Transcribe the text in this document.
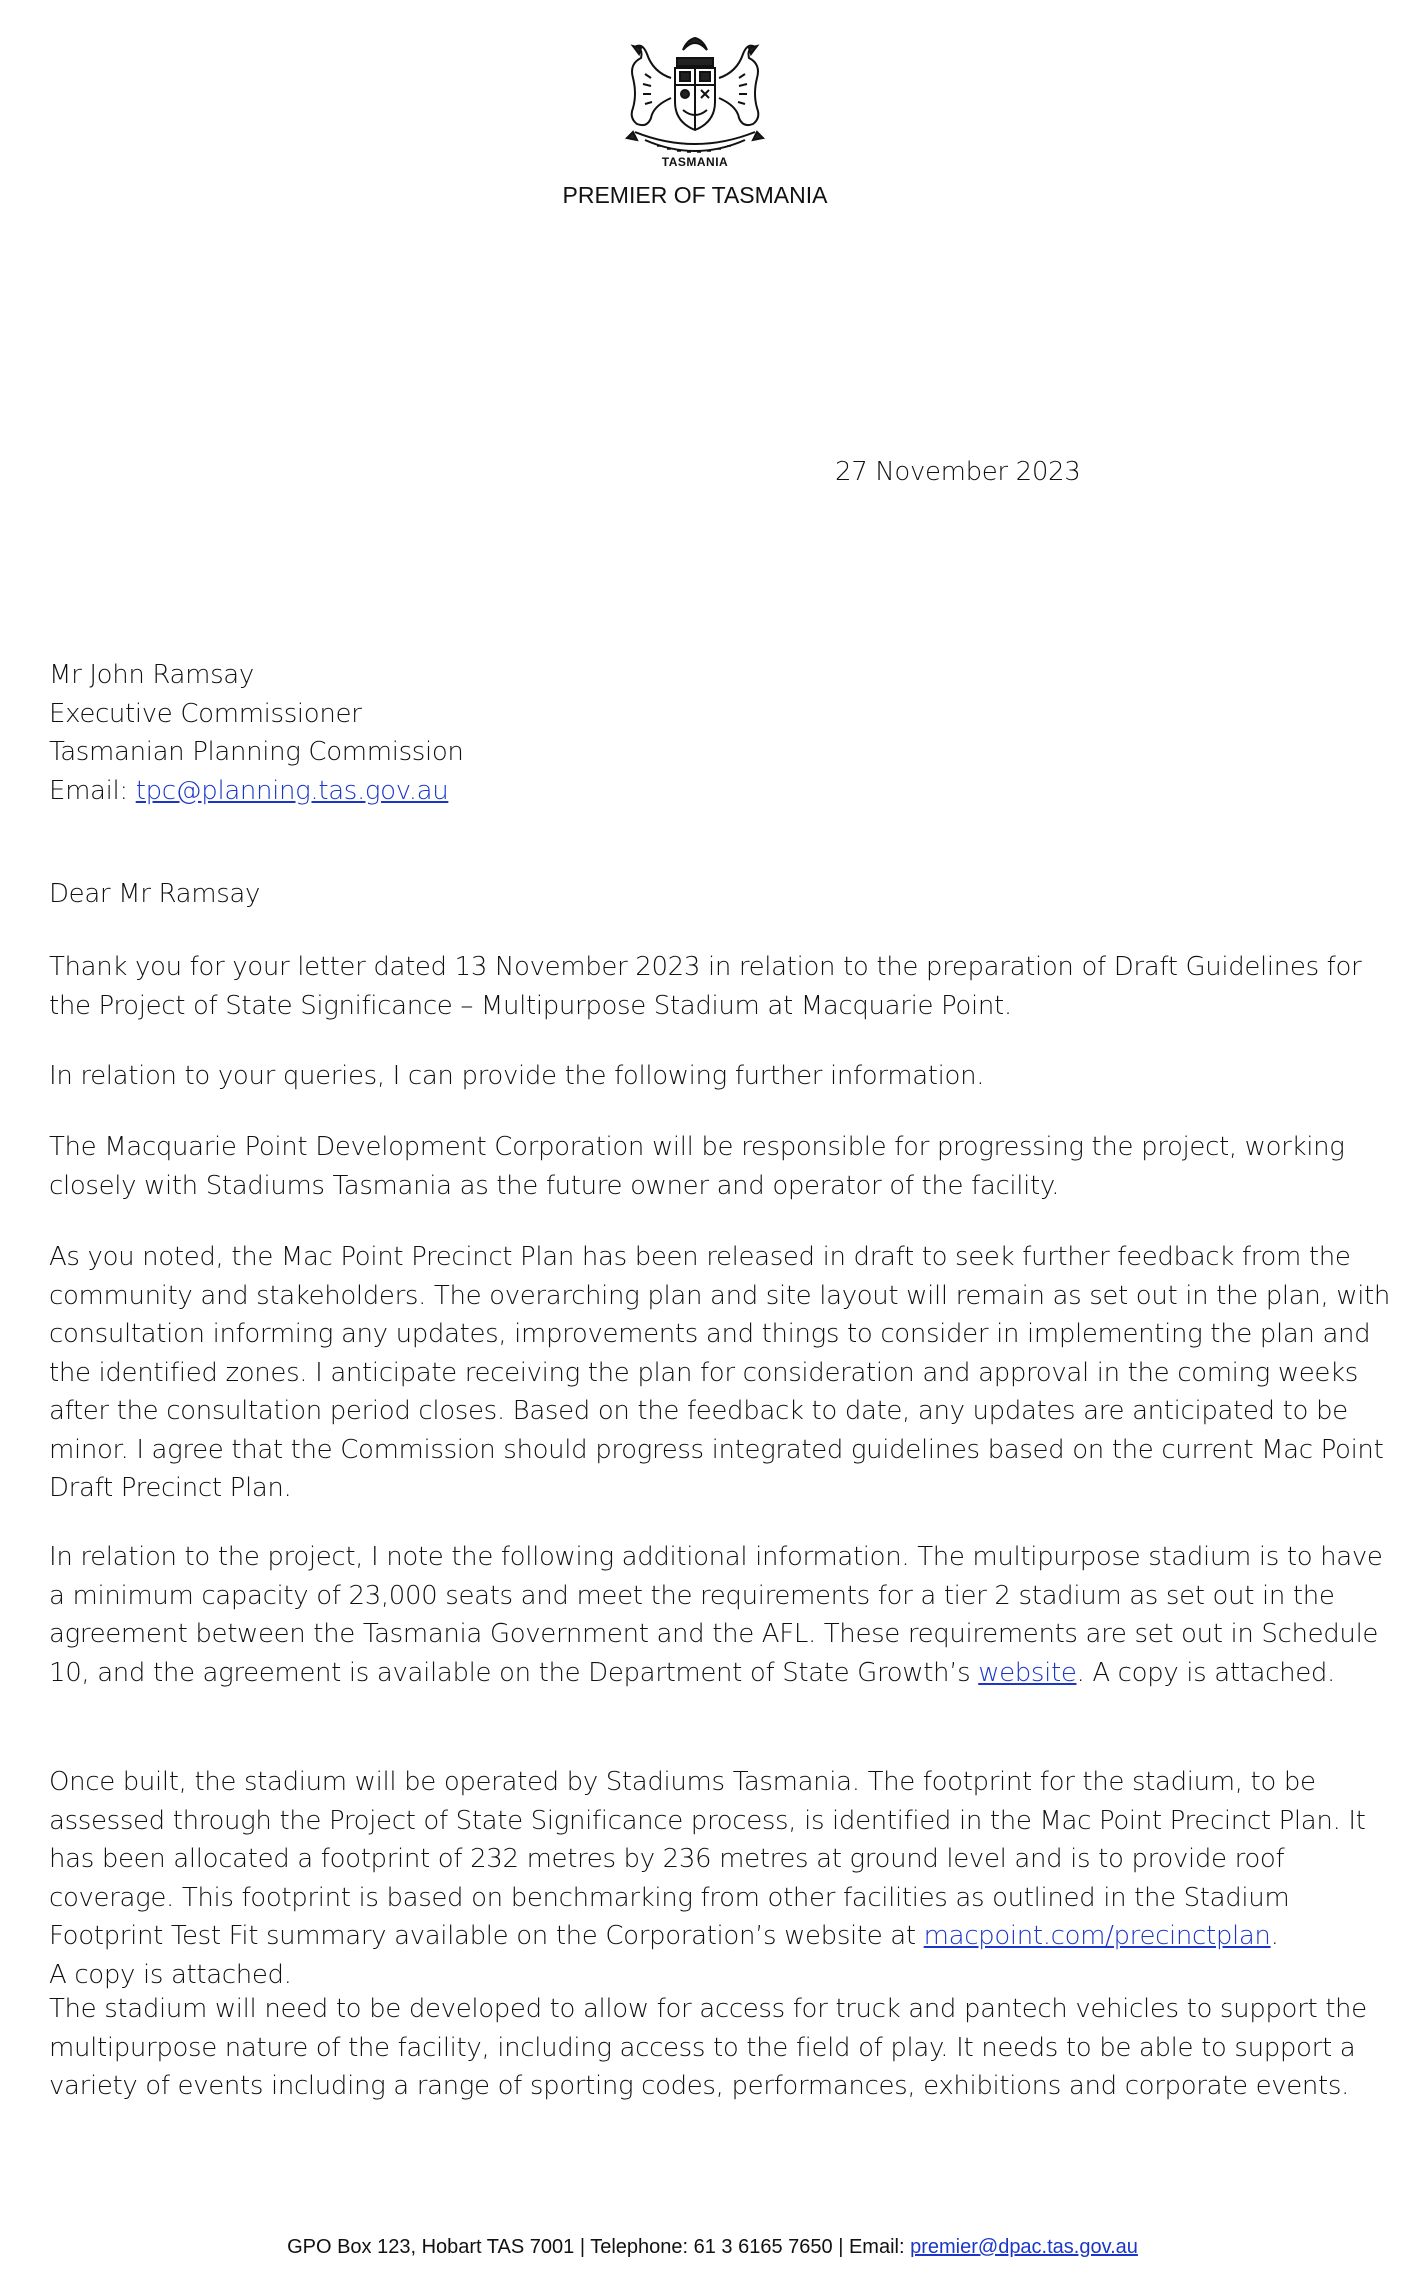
TASMANIA
PREMIER OF TASMANIA
27 November 2023
Mr John Ramsay
Executive Commissioner
Tasmanian Planning Commission
Email: tpc@planning.tas.gov.au
Dear Mr Ramsay

Thank you for your letter dated 13 November 2023 in relation to the preparation of Draft Guidelines for the Project of State Significance – Multipurpose Stadium at Macquarie Point.

In relation to your queries, I can provide the following further information.

The Macquarie Point Development Corporation will be responsible for progressing the project, working closely with Stadiums Tasmania as the future owner and operator of the facility.

As you noted, the Mac Point Precinct Plan has been released in draft to seek further feedback from the community and stakeholders. The overarching plan and site layout will remain as set out in the plan, with consultation informing any updates, improvements and things to consider in implementing the plan and the identified zones. I anticipate receiving the plan for consideration and approval in the coming weeks after the consultation period closes. Based on the feedback to date, any updates are anticipated to be minor. I agree that the Commission should progress integrated guidelines based on the current Mac Point Draft Precinct Plan.

In relation to the project, I note the following additional information. The multipurpose stadium is to have a minimum capacity of 23,000 seats and meet the requirements for a tier 2 stadium as set out in the agreement between the Tasmania Government and the AFL. These requirements are set out in Schedule 10, and the agreement is available on the Department of State Growth’s website. A copy is attached.

Once built, the stadium will be operated by Stadiums Tasmania. The footprint for the stadium, to be assessed through the Project of State Significance process, is identified in the Mac Point Precinct Plan. It has been allocated a footprint of 232 metres by 236 metres at ground level and is to provide roof coverage. This footprint is based on benchmarking from other facilities as outlined in the Stadium Footprint Test Fit summary available on the Corporation’s website at macpoint.com/precinctplan.
A copy is attached.

The stadium will need to be developed to allow for access for truck and pantech vehicles to support the multipurpose nature of the facility, including access to the field of play. It needs to be able to support a variety of events including a range of sporting codes, performances, exhibitions and corporate events.

GPO Box 123, Hobart TAS 7001 | Telephone: 61 3 6165 7650 | Email: premier@dpac.tas.gov.au
